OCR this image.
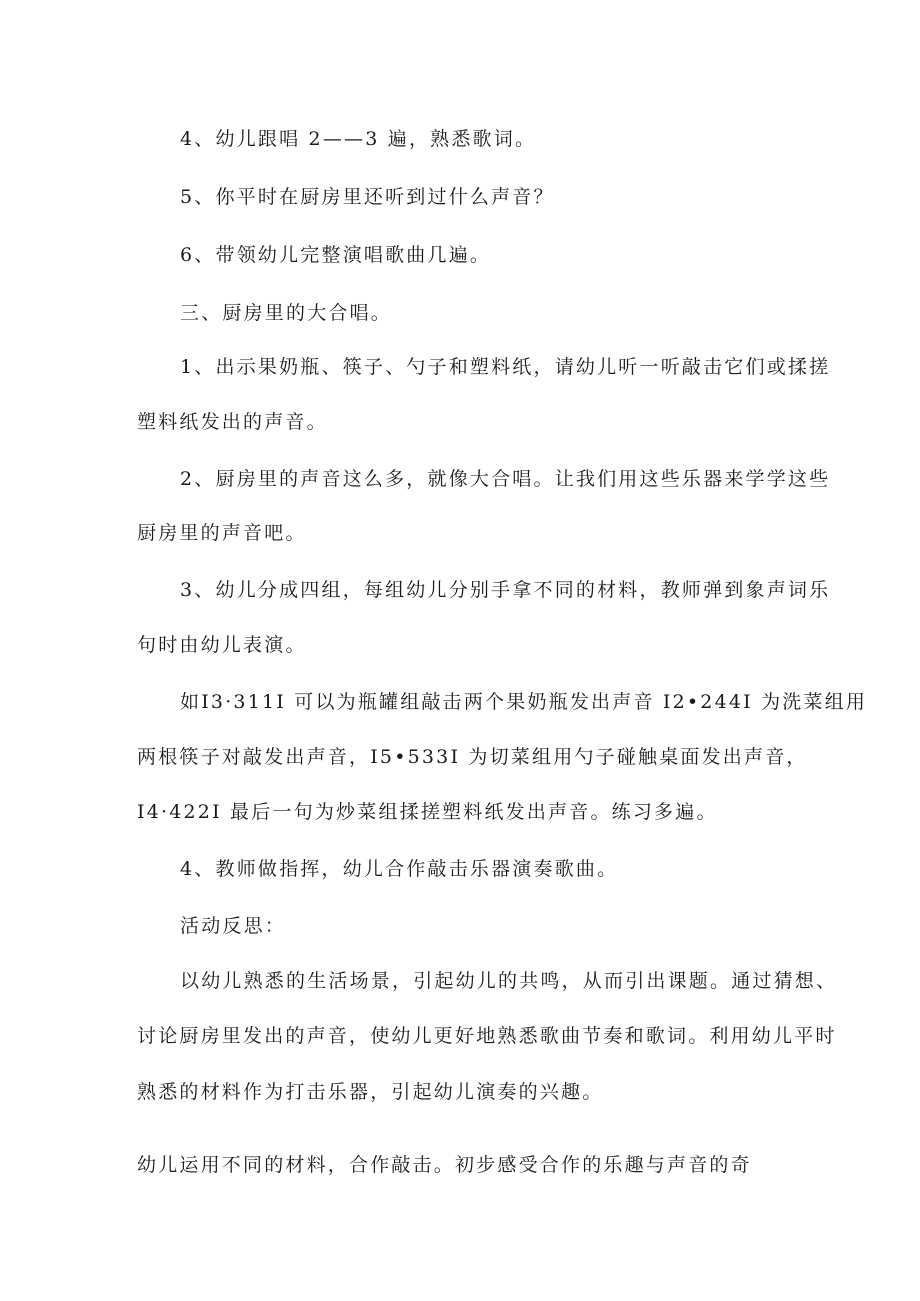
4、幼儿跟唱 2——3 遍，熟悉歌词。
5、你平时在厨房里还听到过什么声音？
6、带领幼儿完整演唱歌曲几遍。
三、厨房里的大合唱。
1、出示果奶瓶、筷子、勺子和塑料纸，请幼儿听一听敲击它们或揉搓
塑料纸发出的声音。
2、厨房里的声音这么多，就像大合唱。让我们用这些乐器来学学这些
厨房里的声音吧。
3、幼儿分成四组，每组幼儿分别手拿不同的材料，教师弹到象声词乐
句时由幼儿表演。
如I3·311I 可以为瓶罐组敲击两个果奶瓶发出声音 I2•244I 为洗菜组用
两根筷子对敲发出声音，I5•533I 为切菜组用勺子碰触桌面发出声音，
I4·422I 最后一句为炒菜组揉搓塑料纸发出声音。练习多遍。
4、教师做指挥，幼儿合作敲击乐器演奏歌曲。
活动反思：
以幼儿熟悉的生活场景，引起幼儿的共鸣，从而引出课题。通过猜想、
讨论厨房里发出的声音，使幼儿更好地熟悉歌曲节奏和歌词。利用幼儿平时
熟悉的材料作为打击乐器，引起幼儿演奏的兴趣。
幼儿运用不同的材料，合作敲击。初步感受合作的乐趣与声音的奇
